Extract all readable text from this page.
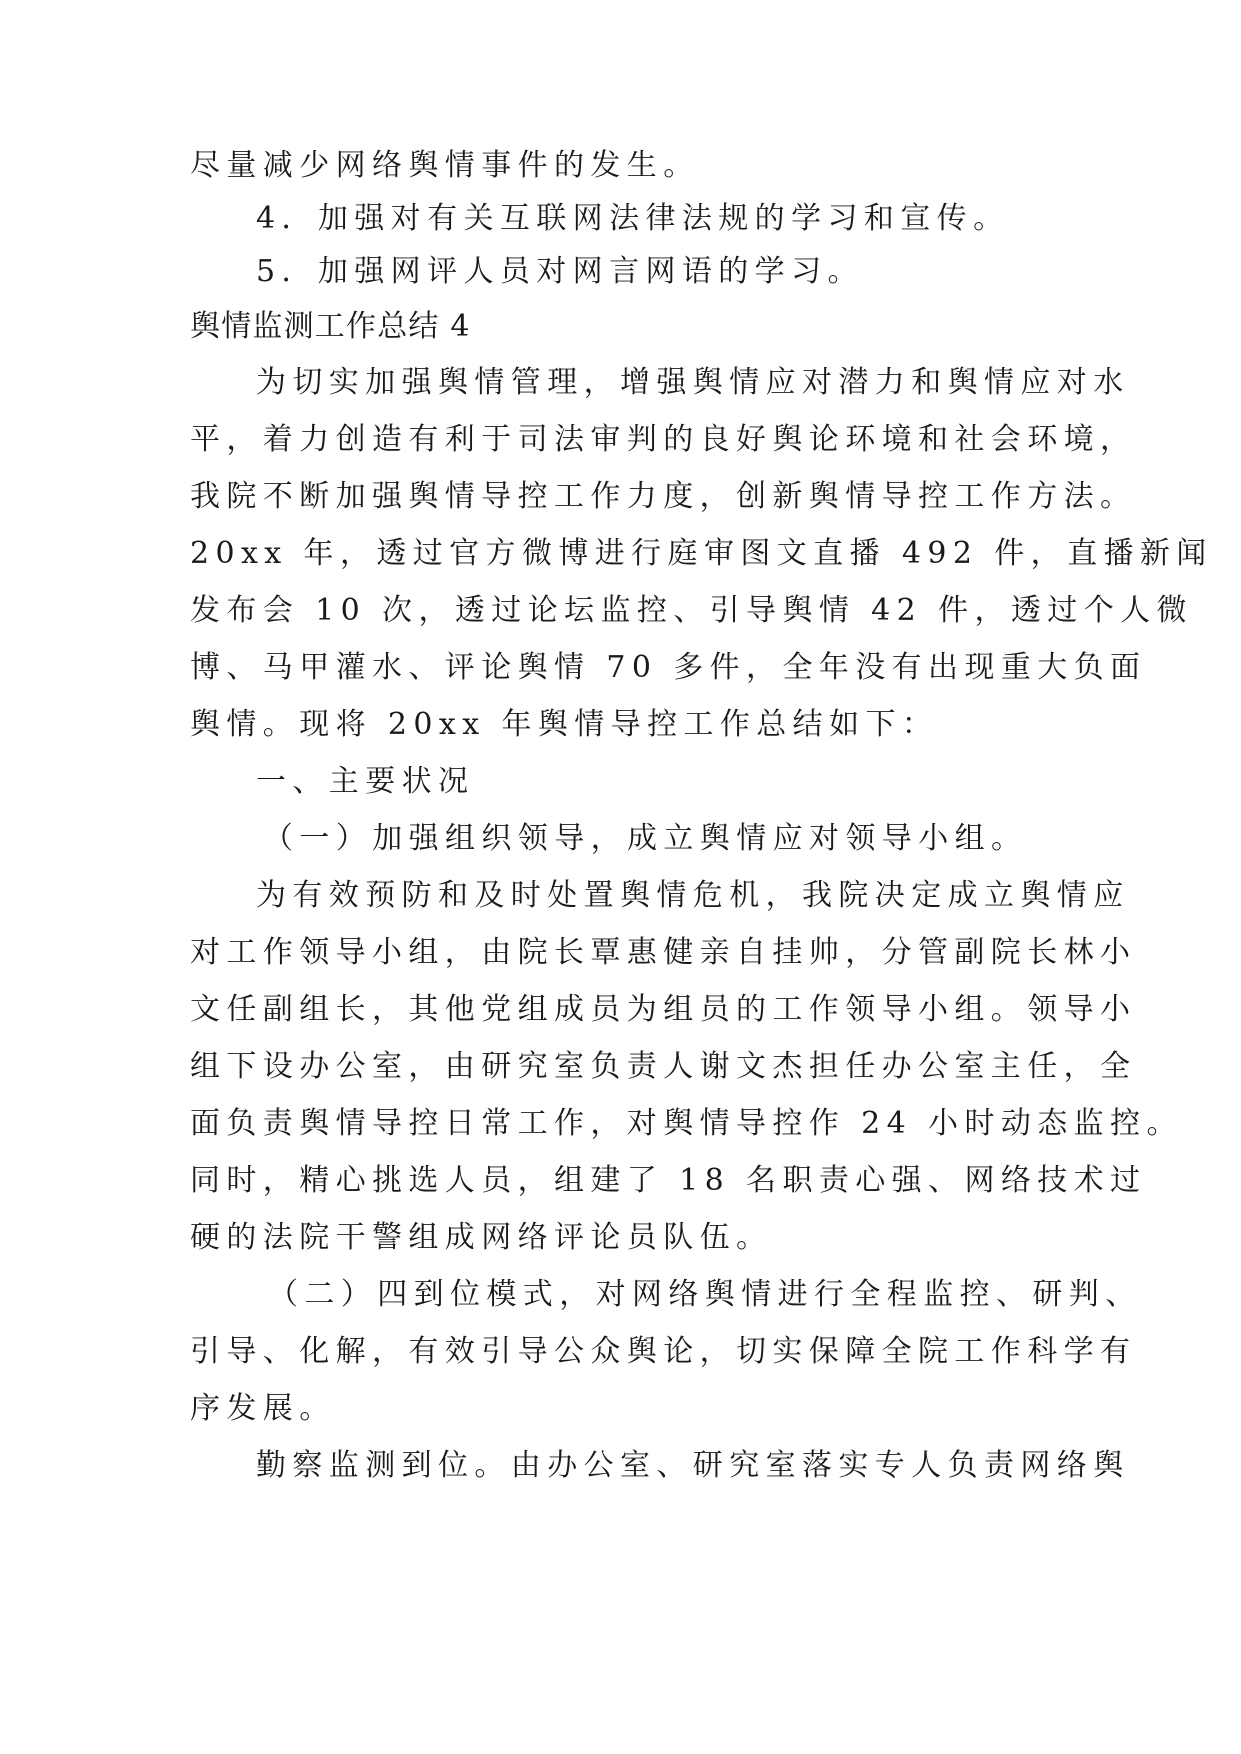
尽量减少网络舆情事件的发生。
4．加强对有关互联网法律法规的学习和宣传。
5．加强网评人员对网言网语的学习。
舆情监测工作总结 4
为切实加强舆情管理，增强舆情应对潜力和舆情应对水
平，着力创造有利于司法审判的良好舆论环境和社会环境，
我院不断加强舆情导控工作力度，创新舆情导控工作方法。
20xx 年，透过官方微博进行庭审图文直播 492 件，直播新闻
发布会 10 次，透过论坛监控、引导舆情 42 件，透过个人微
博、马甲灌水、评论舆情 70 多件，全年没有出现重大负面
舆情。现将 20xx 年舆情导控工作总结如下：
一、主要状况
（一）加强组织领导，成立舆情应对领导小组。
为有效预防和及时处置舆情危机，我院决定成立舆情应
对工作领导小组，由院长覃惠健亲自挂帅，分管副院长林小
文任副组长，其他党组成员为组员的工作领导小组。领导小
组下设办公室，由研究室负责人谢文杰担任办公室主任，全
面负责舆情导控日常工作，对舆情导控作 24 小时动态监控。
同时，精心挑选人员，组建了 18 名职责心强、网络技术过
硬的法院干警组成网络评论员队伍。
（二）四到位模式，对网络舆情进行全程监控、研判、
引导、化解，有效引导公众舆论，切实保障全院工作科学有
序发展。
勤察监测到位。由办公室、研究室落实专人负责网络舆
